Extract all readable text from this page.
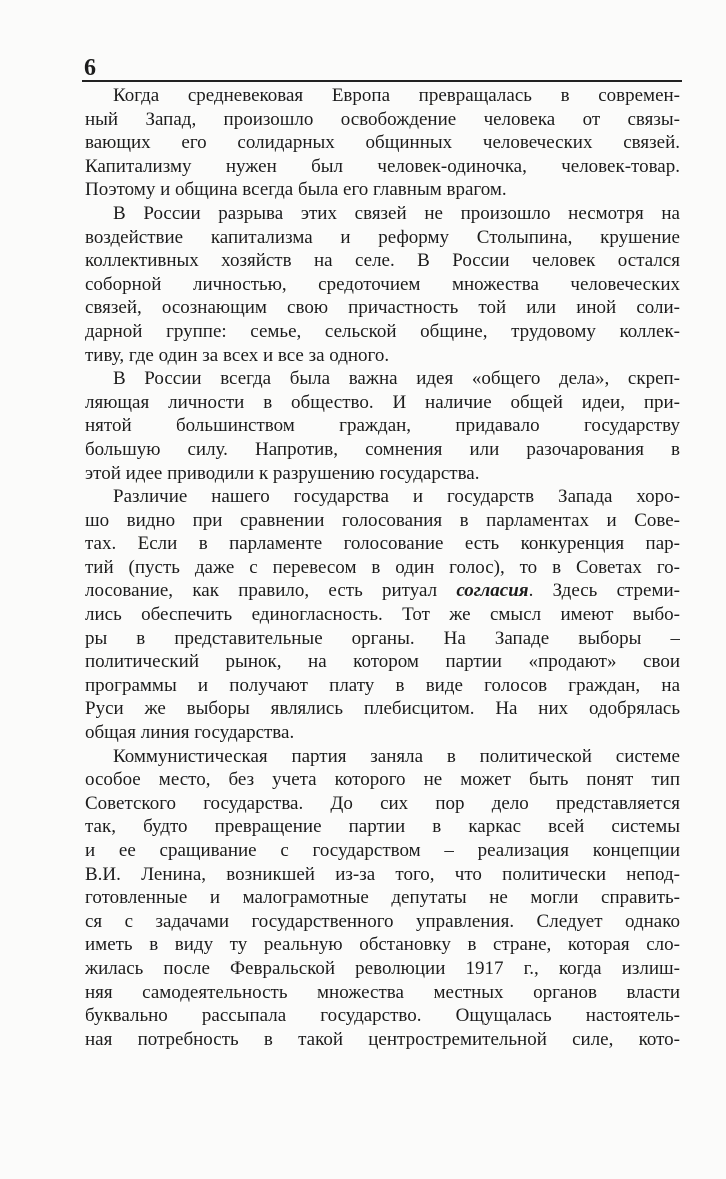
6
Когда средневековая Европа превращалась в современ-
ный Запад, произошло освобождение человека от связы-
вающих его солидарных общинных человеческих связей.
Капитализму нужен был человек-одиночка, человек-товар.
Поэтому и община всегда была его главным врагом.
В России разрыва этих связей не произошло несмотря на
воздействие капитализма и реформу Столыпина, крушение
коллективных хозяйств на селе. В России человек остался
соборной личностью, средоточием множества человеческих
связей, осознающим свою причастность той или иной соли-
дарной группе: семье, сельской общине, трудовому коллек-
тиву, где один за всех и все за одного.
В России всегда была важна идея «общего дела», скреп-
ляющая личности в общество. И наличие общей идеи, при-
нятой большинством граждан, придавало государству
большую силу. Напротив, сомнения или разочарования в
этой идее приводили к разрушению государства.
Различие нашего государства и государств Запада хоро-
шо видно при сравнении голосования в парламентах и Сове-
тах. Если в парламенте голосование есть конкуренция пар-
тий (пусть даже с перевесом в один голос), то в Советах го-
лосование, как правило, есть ритуал согласия. Здесь стреми-
лись обеспечить единогласность. Тот же смысл имеют выбо-
ры в представительные органы. На Западе выборы –
политический рынок, на котором партии «продают» свои
программы и получают плату в виде голосов граждан, на
Руси же выборы являлись плебисцитом. На них одобрялась
общая линия государства.
Коммунистическая партия заняла в политической системе
особое место, без учета которого не может быть понят тип
Советского государства. До сих пор дело представляется
так, будто превращение партии в каркас всей системы
и ее сращивание с государством – реализация концепции
В.И. Ленина, возникшей из-за того, что политически непод-
готовленные и малограмотные депутаты не могли справить-
ся с задачами государственного управления. Следует однако
иметь в виду ту реальную обстановку в стране, которая сло-
жилась после Февральской революции 1917 г., когда излиш-
няя самодеятельность множества местных органов власти
буквально рассыпала государство. Ощущалась настоятель-
ная потребность в такой центростремительной силе, кото-
